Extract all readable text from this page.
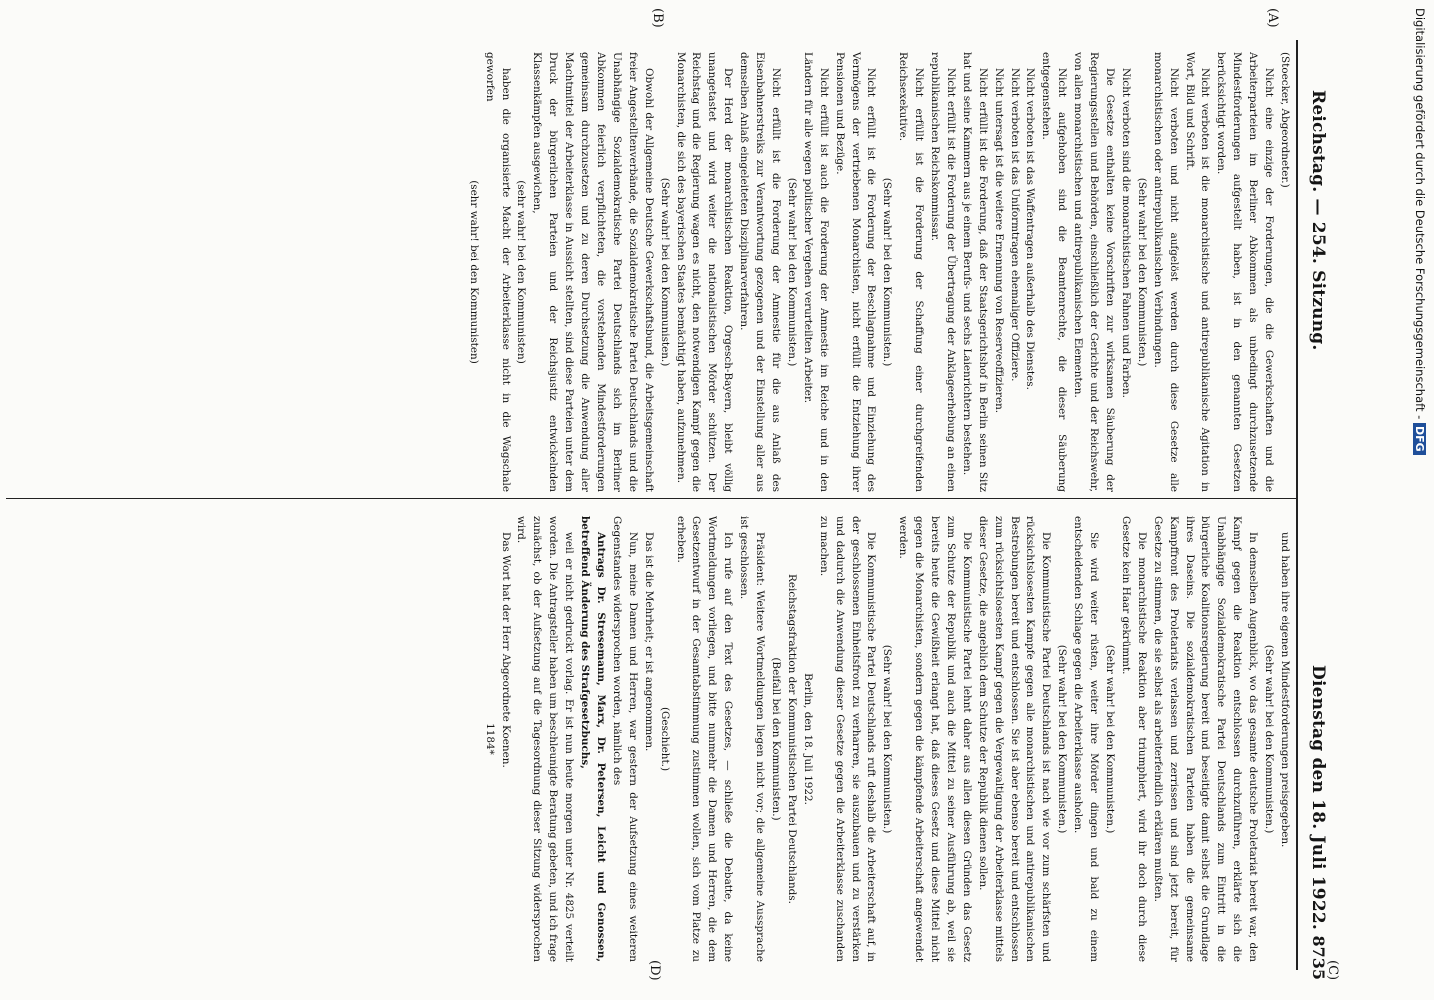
Reichstag. — 254. Sitzung.
Dienstag den 18. Juli 1922.
8735
(A)
(B)
(C)
(D)

(Stoecker, Abgeordneter.)

Nicht eine einzige der Forderungen, die die Gewerkschaften und die Arbeiterparteien im Berliner Abkommen als unbedingt durchzusetzende Mindestforderungen aufgestellt haben, ist in den genannten Gesetzen berücksichtigt worden.

Nicht verboten ist die monarchistische und antirepublikanische Agitation in Wort, Bild und Schrift.

Nicht verboten und nicht aufgelöst werden durch diese Gesetze alle monarchistischen oder antirepublikanischen Verbindungen.

(Sehr wahr! bei den Kommunisten.)

Nicht verboten sind die monarchistischen Fahnen und Farben.

Die Gesetze enthalten keine Vorschriften zur wirksamen Säuberung der Regierungsstellen und Behörden, einschließlich der Gerichte und der Reichswehr, von allen monarchistischen und antirepublikanischen Elementen.

Nicht aufgehoben sind die Beamtenrechte, die dieser Säuberung entgegenstehen.

Nicht verboten ist das Waffentragen außerhalb des Dienstes.

Nicht verboten ist das Uniformtragen ehemaliger Offiziere.

Nicht untersagt ist die weitere Ernennung von Reserveoffizieren.

Nicht erfüllt ist die Forderung, daß der Staatsgerichtshof in Berlin seinen Sitz hat und seine Kammern aus je einem Berufs- und sechs Laienrichtern bestehen.

Nicht erfüllt ist die Forderung der Übertragung der Anklageerhebung an einen republikanischen Reichskommissar.

Nicht erfüllt ist die Forderung der Schaffung einer durchgreifenden Reichsexekutive.

(Sehr wahr! bei den Kommunisten.)

Nicht erfüllt ist die Forderung der Beschlagnahme und Einziehung des Vermögens der vertriebenen Monarchisten, nicht erfüllt die Entziehung ihrer Pensionen und Bezüge.

Nicht erfüllt ist auch die Forderung der Amnestie im Reiche und in den Ländern für alle wegen politischer Vergehen verurteilten Arbeiter.

(Sehr wahr! bei den Kommunisten.)

Nicht erfüllt ist die Forderung der Amnestie für die aus Anlaß des Eisenbahnerstreiks zur Verantwortung gezogenen und der Einstellung aller aus demselben Anlaß eingeleiteten Disziplinarverfahren.

Der Herd der monarchistischen Reaktion, Orgesch-Bayern, bleibt völlig unangetastet und wird weiter die nationalistischen Mörder schützen. Der Reichstag und die Regierung wagen es nicht, den notwendigen Kampf gegen die Monarchisten, die sich des bayerischen Staates bemächtigt haben, aufzunehmen.

(Sehr wahr! bei den Kommunisten.)

Obwohl der Allgemeine Deutsche Gewerkschaftsbund, die Arbeitsgemeinschaft freier Angestelltenverbände, die Sozialdemokratische Partei Deutschlands und die Unabhängige Sozialdemokratische Partei Deutschlands sich im Berliner Abkommen feierlich verpflichteten, die vorstehenden Mindestforderungen gemeinsam durchzusetzen und zu deren Durchsetzung die Anwendung aller Machtmittel der Arbeiterklasse in Aussicht stellten, sind diese Parteien unter dem Druck der bürgerlichen Parteien und der Reichsjustiz entwickelnden Klassenkämpfen ausgewichen,

(sehr wahr! bei den Kommunisten)

haben die organisierte Macht der Arbeiterklasse nicht in die Wagschale geworfen

(sehr wahr! bei den Kommunisten)

und haben ihre eigenen Mindestforderungen preisgegeben.

(Sehr wahr! bei den Kommunisten.)

In demselben Augenblick, wo das gesamte deutsche Proletariat bereit war, den Kampf gegen die Reaktion entschlossen durchzuführen, erklärte sich die Unabhängige Sozialdemokratische Partei Deutschlands zum Eintritt in die bürgerliche Koalitionsregierung bereit und beseitigte damit selbst die Grundlage ihres Daseins. Die sozialdemokratischen Parteien haben die gemeinsame Kampffront des Proletariats verlassen und zerrissen und sind jetzt bereit, für Gesetze zu stimmen, die sie selbst als arbeiterfeindlich erklären mußten.

Die monarchistische Reaktion aber triumphiert, wird ihr doch durch diese Gesetze kein Haar gekrümmt.

(Sehr wahr! bei den Kommunisten.)

Sie wird weiter rüsten, weiter ihre Mörder dingen und bald zu einem entscheidenden Schlage gegen die Arbeiterklasse ausholen.

(Sehr wahr! bei den Kommunisten.)

Die Kommunistische Partei Deutschlands ist nach wie vor zum schärfsten und rücksichtslosesten Kampfe gegen alle monarchistischen und antirepublikanischen Bestrebungen bereit und entschlossen. Sie ist aber ebenso bereit und entschlossen zum rücksichtslosesten Kampf gegen die Vergewaltigung der Arbeiterklasse mittels dieser Gesetze, die angeblich dem Schutze der Republik dienen sollen.

Die Kommunistische Partei lehnt daher aus allen diesen Gründen das Gesetz zum Schutze der Republik und auch die Mittel zu seiner Ausführung ab, weil sie bereits heute die Gewißheit erlangt hat, daß dieses Gesetz und diese Mittel nicht gegen die Monarchisten, sondern gegen die kämpfende Arbeiterschaft angewendet werden.

(Sehr wahr! bei den Kommunisten.)

Die Kommunistische Partei Deutschlands ruft deshalb die Arbeiterschaft auf, in der geschlossenen Einheitsfront zu verharren, sie auszubauen und zu verstärken und dadurch die Anwendung dieser Gesetze gegen die Arbeiterklasse zuschanden zu machen.

Berlin, den 18. Juli 1922.

Reichstagsfraktion der Kommunistischen Partei Deutschlands.

(Beifall bei den Kommunisten.)

Präsident: Weitere Wortmeldungen liegen nicht vor; die allgemeine Aussprache ist geschlossen.

Ich rufe auf den Text des Gesetzes, — schließe die Debatte, da keine Wortmeldungen vorliegen, und bitte nunmehr die Damen und Herren, die dem Gesetzentwurf in der Gesamtabstimmung zustimmen wollen, sich vom Platze zu erheben.

(Geschieht.)

Das ist die Mehrheit; er ist angenommen.

Nun, meine Damen und Herren, war gestern der Aufsetzung eines weiteren Gegenstandes widersprochen worden, nämlich des

Antrags Dr. Stresemann, Marx, Dr. Petersen, Leicht und Genossen, betreffend Änderung des Strafgesetzbuchs,

weil er nicht gedruckt vorlag. Er ist nun heute morgen unter Nr. 4825 verteilt worden. Die Antragsteller haben um beschleunigte Beratung gebeten, und ich frage zunächst, ob der Aufsetzung auf die Tagesordnung dieser Sitzung widersprochen wird.

Das Wort hat der Herr Abgeordnete Koenen.

1184*

Digitalisierung gefördert durch die Deutsche Forschungsgemeinschaft - DFG
